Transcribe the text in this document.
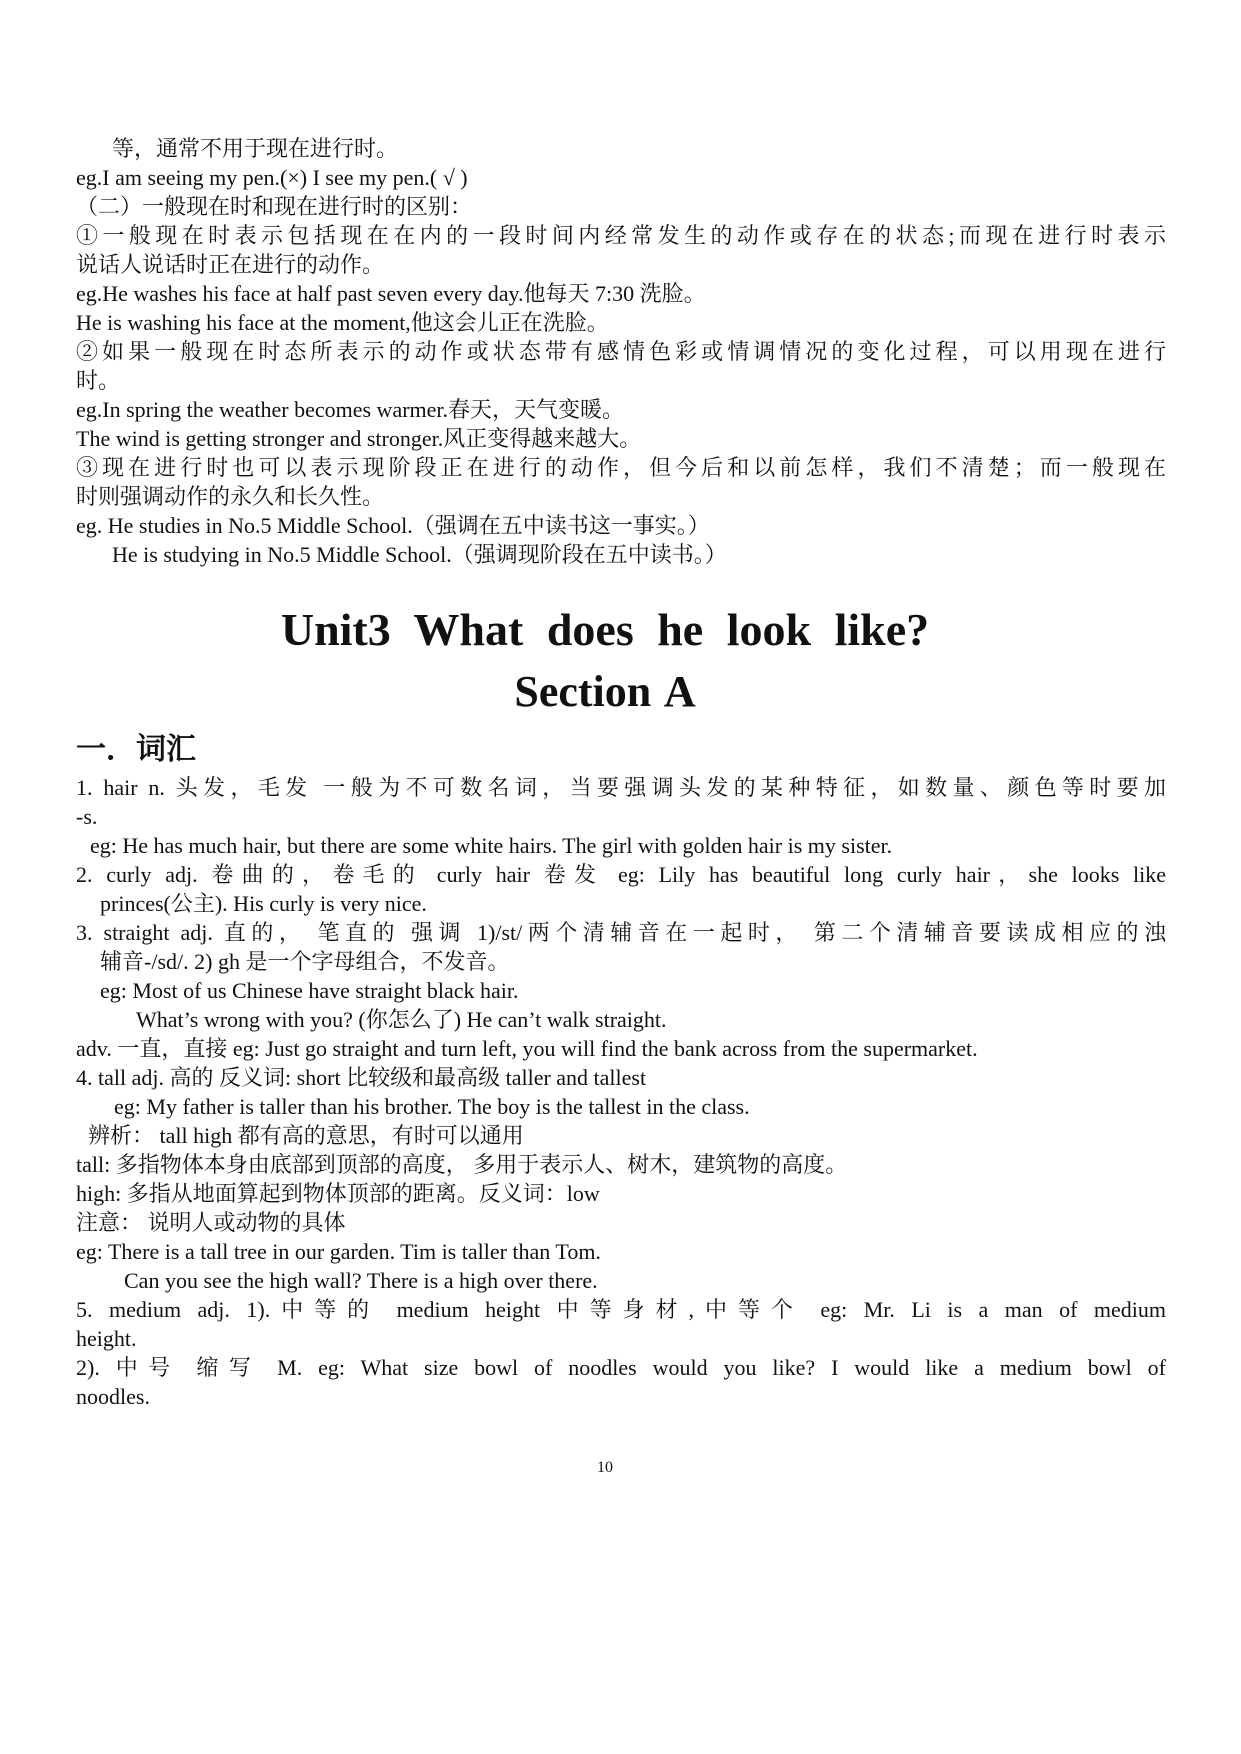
等，通常不用于现在进行时。
eg.I am seeing my pen.(×) I see my pen.( √ )
（二）一般现在时和现在进行时的区别：
①一般现在时表示包括现在在内的一段时间内经常发生的动作或存在的状态;而现在进行时表示
说话人说话时正在进行的动作。
eg.He washes his face at half past seven every day.他每天 7:30 洗脸。
He is washing his face at the moment,他这会儿正在洗脸。
②如果一般现在时态所表示的动作或状态带有感情色彩或情调情况的变化过程，可以用现在进行
时。
eg.In spring the weather becomes warmer.春天，天气变暖。
The wind is getting stronger and stronger.风正变得越来越大。
③现在进行时也可以表示现阶段正在进行的动作，但今后和以前怎样，我们不清楚；而一般现在
时则强调动作的永久和长久性。
eg. He studies in No.5 Middle School.（强调在五中读书这一事实。）
He is studying in No.5 Middle School.（强调现阶段在五中读书。）
Unit3 What does he look like?
Section A
一．词汇
1. hair n. 头发，毛发 一般为不可数名词，当要强调头发的某种特征，如数量、颜色等时要加
-s.
eg: He has much hair, but there are some white hairs. The girl with golden hair is my sister.
2. curly adj. 卷曲的，卷毛的 curly hair 卷发 eg: Lily has beautiful long curly hair，she looks like
princes(公主). His curly is very nice.
3. straight adj. 直的， 笔直的 强调 1)/st/两个清辅音在一起时， 第二个清辅音要读成相应的浊
辅音-/sd/. 2) gh 是一个字母组合，不发音。
eg: Most of us Chinese have straight black hair.
What’s wrong with you? (你怎么了) He can’t walk straight.
adv. 一直，直接 eg: Just go straight and turn left, you will find the bank across from the supermarket.
4. tall adj. 高的 反义词: short 比较级和最高级 taller and tallest
eg: My father is taller than his brother. The boy is the tallest in the class.
辨析： tall high 都有高的意思，有时可以通用
tall: 多指物体本身由底部到顶部的高度， 多用于表示人、树木，建筑物的高度。
high: 多指从地面算起到物体顶部的距离。反义词：low
注意： 说明人或动物的具体
eg: There is a tall tree in our garden. Tim is taller than Tom.
Can you see the high wall? There is a high over there.
5. medium adj. 1).中等的 medium height 中等身材,中等个 eg: Mr. Li is a man of medium
height.
2). 中号 缩写 M. eg: What size bowl of noodles would you like? I would like a medium bowl of
noodles.
10
